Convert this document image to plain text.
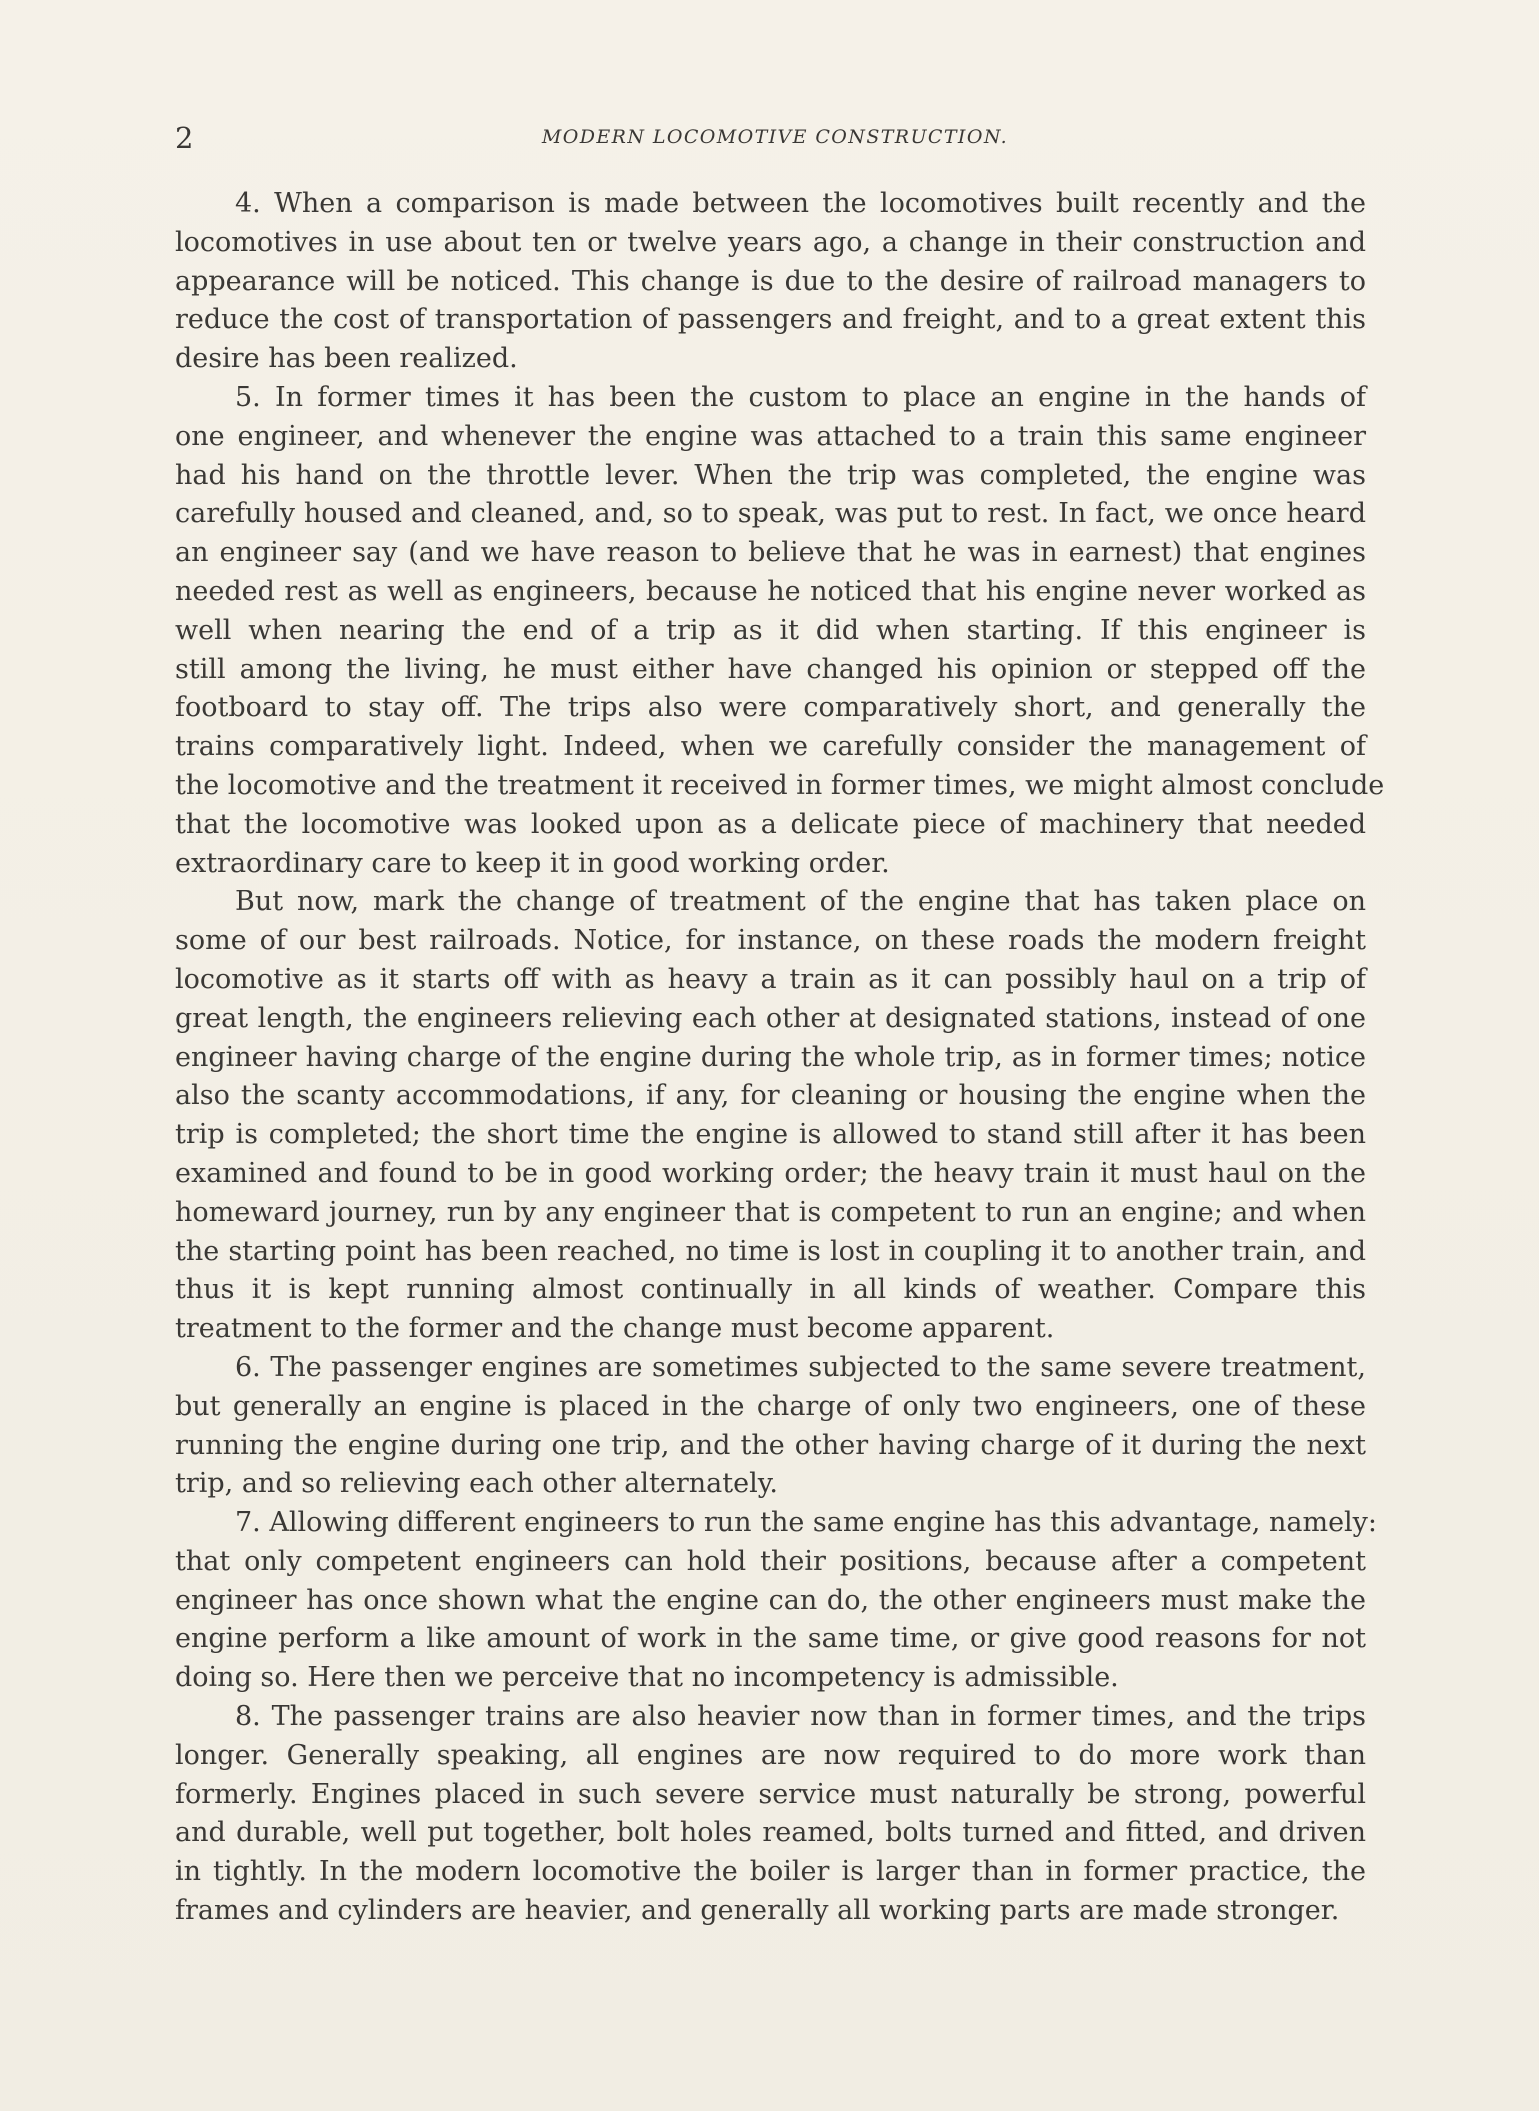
2	MODERN LOCOMOTIVE CONSTRUCTION.
4. When a comparison is made between the locomotives built recently and the
locomotives in use about ten or twelve years ago, a change in their construction and
appearance will be noticed. This change is due to the desire of railroad managers to
reduce the cost of transportation of passengers and freight, and to a great extent this
desire has been realized.
5. In former times it has been the custom to place an engine in the hands of
one engineer, and whenever the engine was attached to a train this same engineer
had his hand on the throttle lever. When the trip was completed, the engine was
carefully housed and cleaned, and, so to speak, was put to rest. In fact, we once heard
an engineer say (and we have reason to believe that he was in earnest) that engines
needed rest as well as engineers, because he noticed that his engine never worked as
well when nearing the end of a trip as it did when starting. If this engineer is
still among the living, he must either have changed his opinion or stepped off the
footboard to stay off. The trips also were comparatively short, and generally the
trains comparatively light. Indeed, when we carefully consider the management of
the locomotive and the treatment it received in former times, we might almost conclude
that the locomotive was looked upon as a delicate piece of machinery that needed
extraordinary care to keep it in good working order.
But now, mark the change of treatment of the engine that has taken place on
some of our best railroads. Notice, for instance, on these roads the modern freight
locomotive as it starts off with as heavy a train as it can possibly haul on a trip of
great length, the engineers relieving each other at designated stations, instead of one
engineer having charge of the engine during the whole trip, as in former times; notice
also the scanty accommodations, if any, for cleaning or housing the engine when the
trip is completed; the short time the engine is allowed to stand still after it has been
examined and found to be in good working order; the heavy train it must haul on the
homeward journey, run by any engineer that is competent to run an engine; and when
the starting point has been reached, no time is lost in coupling it to another train, and
thus it is kept running almost continually in all kinds of weather. Compare this
treatment to the former and the change must become apparent.
6. The passenger engines are sometimes subjected to the same severe treatment,
but generally an engine is placed in the charge of only two engineers, one of these
running the engine during one trip, and the other having charge of it during the next
trip, and so relieving each other alternately.
7. Allowing different engineers to run the same engine has this advantage, namely:
that only competent engineers can hold their positions, because after a competent
engineer has once shown what the engine can do, the other engineers must make the
engine perform a like amount of work in the same time, or give good reasons for not
doing so. Here then we perceive that no incompetency is admissible.
8. The passenger trains are also heavier now than in former times, and the trips
longer. Generally speaking, all engines are now required to do more work than
formerly. Engines placed in such severe service must naturally be strong, powerful
and durable, well put together, bolt holes reamed, bolts turned and fitted, and driven
in tightly. In the modern locomotive the boiler is larger than in former practice, the
frames and cylinders are heavier, and generally all working parts are made stronger.
